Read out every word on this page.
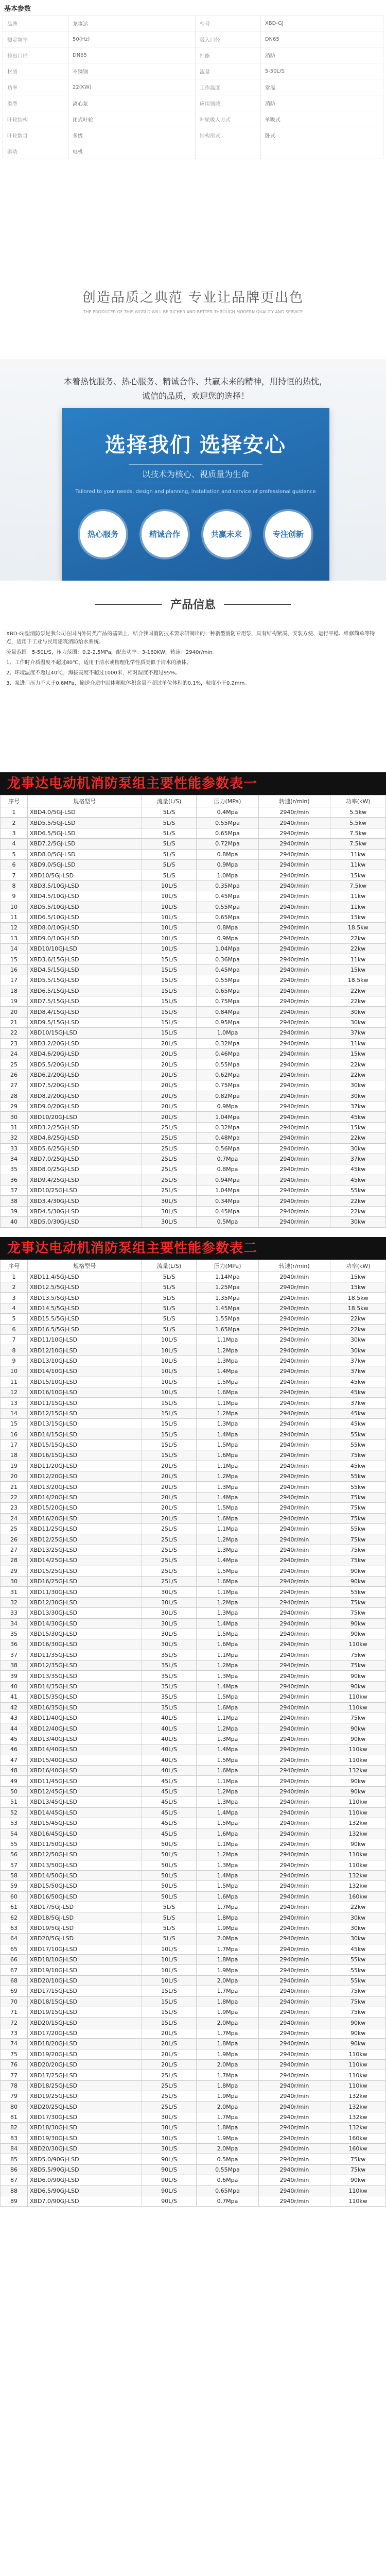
基本参数
品牌	龙事达	型号	XBD-GJ
額定频率	50(Hz)	吸入口径	DN65
排出口径	DN65	性能	消防
材质	不锈钢	流量	5-50L/S
功率	22(KW)	工作温度	常温
类型	离心泵	应用领域	消防
叶轮结构	闭式叶轮	叶轮吸入方式	单吸式
叶轮数目	多级	结构形式	卧式
驱动	电机		
创造品质之典范 专业让品牌更出色
THE PRODUCER OF THIS WORLD WILL BE RICHER AND BETTER THROUGH MODERN QUALITY AND SERVICE
本着热忱服务、热心服务、精诚合作、共赢未来的精神，用持恒的热忱，诚信的品质，欢迎您的选择！
选择我们 选择安心
以技术为核心、视质量为生命
Tailored to your needs, design and planning, installation and service of professional guidance
热心服务	精诚合作	共赢未来	专注创新
产品信息

XBD-GJ型消防泵是我公司在国内外同类产品的基础上，结合我国消防技术要求研制出的一种新型消防专用泵，具有结构紧凑、安装方便、运行平稳、维修简单等特点，适用于工业与民用建筑消防给水系统。

流量范围：5-50L/S，压力范围：0.2-2.5MPa，配套功率：3-160KW，转速：2940r/min。

1、工作时介质温度不超过80℃，适用于清水或物理化学性质类似于清水的液体。

2、环境温度不超过40℃，海拔高度不超过1000米，相对湿度不超过95%。

3、泵进口压力不大于0.6MPa，输送介质中固体颗粒体积含量不超过单位体积的0.1%，粒度小于0.2mm。

龙事达电动机消防泵组主要性能参数表一
序号	规格型号	流量(L/S)	压力(MPa)	转速(r/min)	功率(kW)
1	XBD4.0/5GJ-LSD	5L/S	0.4Mpa	2940r/min	5.5kw
2	XBD5.5/5GJ-LSD	5L/S	0.55Mpa	2940r/min	5.5kw
3	XBD6.5/5GJ-LSD	5L/S	0.65Mpa	2940r/min	7.5kw
4	XBD7.2/5GJ-LSD	5L/S	0.72Mpa	2940r/min	7.5kw
5	XBD8.0/5GJ-LSD	5L/S	0.8Mpa	2940r/min	11kw
6	XBD9.0/5GJ-LSD	5L/S	0.9Mpa	2940r/min	11kw
7	XBD10/5GJ-LSD	5L/S	1.0Mpa	2940r/min	15kw
8	XBD3.5/10GJ-LSD	10L/S	0.35Mpa	2940r/min	7.5kw
9	XBD4.5/10GJ-LSD	10L/S	0.45Mpa	2940r/min	11kw
10	XBD5.5/10GJ-LSD	10L/S	0.55Mpa	2940r/min	11kw
11	XBD6.5/10GJ-LSD	10L/S	0.65Mpa	2940r/min	15kw
12	XBD8.0/10GJ-LSD	10L/S	0.8Mpa	2940r/min	18.5kw
13	XBD9.0/10GJ-LSD	10L/S	0.9Mpa	2940r/min	22kw
14	XBD10/10GJ-LSD	10L/S	1.04Mpa	2940r/min	22kw
15	XBD3.6/15GJ-LSD	15L/S	0.36Mpa	2940r/min	11kw
16	XBD4.5/15GJ-LSD	15L/S	0.45Mpa	2940r/min	15kw
17	XBD5.5/15GJ-LSD	15L/S	0.55Mpa	2940r/min	18.5kw
18	XBD6.5/15GJ-LSD	15L/S	0.65Mpa	2940r/min	22kw
19	XBD7.5/15GJ-LSD	15L/S	0.75Mpa	2940r/min	22kw
20	XBD8.4/15GJ-LSD	15L/S	0.84Mpa	2940r/min	30kw
21	XBD9.5/15GJ-LSD	15L/S	0.95Mpa	2940r/min	30kw
22	XBD10/15GJ-LSD	15L/S	1.0Mpa	2940r/min	37kw
23	XBD3.2/20GJ-LSD	20L/S	0.32Mpa	2940r/min	11kw
24	XBD4.6/20GJ-LSD	20L/S	0.46Mpa	2940r/min	15kw
25	XBD5.5/20GJ-LSD	20L/S	0.55Mpa	2940r/min	22kw
26	XBD6.2/20GJ-LSD	20L/S	0.62Mpa	2940r/min	22kw
27	XBD7.5/20GJ-LSD	20L/S	0.75Mpa	2940r/min	30kw
28	XBD8.2/20GJ-LSD	20L/S	0.82Mpa	2940r/min	30kw
29	XBD9.0/20GJ-LSD	20L/S	0.9Mpa	2940r/min	37kw
30	XBD10/20GJ-LSD	20L/S	1.04Mpa	2940r/min	45kw
31	XBD3.2/25GJ-LSD	25L/S	0.32Mpa	2940r/min	15kw
32	XBD4.8/25GJ-LSD	25L/S	0.48Mpa	2940r/min	22kw
33	XBD5.6/25GJ-LSD	25L/S	0.56Mpa	2940r/min	30kw
34	XBD7.0/25GJ-LSD	25L/S	0.7Mpa	2940r/min	37kw
35	XBD8.0/25GJ-LSD	25L/S	0.8Mpa	2940r/min	45kw
36	XBD9.4/25GJ-LSD	25L/S	0.94Mpa	2940r/min	45kw
37	XBD10/25GJ-LSD	25L/S	1.04Mpa	2940r/min	55kw
38	XBD3.4/30GJ-LSD	30L/S	0.34Mpa	2940r/min	22kw
39	XBD4.5/30GJ-LSD	30L/S	0.45Mpa	2940r/min	22kw
40	XBD5.0/30GJ-LSD	30L/S	0.5Mpa	2940r/min	30kw
龙事达电动机消防泵组主要性能参数表二
序号	规格型号	流量(L/S)	压力(MPa)	转速(r/min)	功率(kW)
1	XBD11.4/5GJ-LSD	5L/S	1.14Mpa	2940r/min	15kw
2	XBD12.5/5GJ-LSD	5L/S	1.25Mpa	2940r/min	15kw
3	XBD13.5/5GJ-LSD	5L/S	1.35Mpa	2940r/min	18.5kw
4	XBD14.5/5GJ-LSD	5L/S	1.45Mpa	2940r/min	18.5kw
5	XBD15.5/5GJ-LSD	5L/S	1.55Mpa	2940r/min	22kw
6	XBD16.5/5GJ-LSD	5L/S	1.65Mpa	2940r/min	22kw
7	XBD11/10GJ-LSD	10L/S	1.1Mpa	2940r/min	30kw
8	XBD12/10GJ-LSD	10L/S	1.2Mpa	2940r/min	30kw
9	XBD13/10GJ-LSD	10L/S	1.3Mpa	2940r/min	37kw
10	XBD14/10GJ-LSD	10L/S	1.4Mpa	2940r/min	37kw
11	XBD15/10GJ-LSD	10L/S	1.5Mpa	2940r/min	45kw
12	XBD16/10GJ-LSD	10L/S	1.6Mpa	2940r/min	45kw
13	XBD11/15GJ-LSD	15L/S	1.1Mpa	2940r/min	37kw
14	XBD12/15GJ-LSD	15L/S	1.2Mpa	2940r/min	45kw
15	XBD13/15GJ-LSD	15L/S	1.3Mpa	2940r/min	45kw
16	XBD14/15GJ-LSD	15L/S	1.4Mpa	2940r/min	55kw
17	XBD15/15GJ-LSD	15L/S	1.5Mpa	2940r/min	55kw
18	XBD16/15GJ-LSD	15L/S	1.6Mpa	2940r/min	75kw
19	XBD11/20GJ-LSD	20L/S	1.1Mpa	2940r/min	45kw
20	XBD12/20GJ-LSD	20L/S	1.2Mpa	2940r/min	55kw
21	XBD13/20GJ-LSD	20L/S	1.3Mpa	2940r/min	55kw
22	XBD14/20GJ-LSD	20L/S	1.4Mpa	2940r/min	75kw
23	XBD15/20GJ-LSD	20L/S	1.5Mpa	2940r/min	75kw
24	XBD16/20GJ-LSD	20L/S	1.6Mpa	2940r/min	75kw
25	XBD11/25GJ-LSD	25L/S	1.1Mpa	2940r/min	55kw
26	XBD12/25GJ-LSD	25L/S	1.2Mpa	2940r/min	75kw
27	XBD13/25GJ-LSD	25L/S	1.3Mpa	2940r/min	75kw
28	XBD14/25GJ-LSD	25L/S	1.4Mpa	2940r/min	75kw
29	XBD15/25GJ-LSD	25L/S	1.5Mpa	2940r/min	90kw
30	XBD16/25GJ-LSD	25L/S	1.6Mpa	2940r/min	90kw
31	XBD11/30GJ-LSD	30L/S	1.1Mpa	2940r/min	55kw
32	XBD12/30GJ-LSD	30L/S	1.2Mpa	2940r/min	75kw
33	XBD13/30GJ-LSD	30L/S	1.3Mpa	2940r/min	75kw
34	XBD14/30GJ-LSD	30L/S	1.4Mpa	2940r/min	90kw
35	XBD15/30GJ-LSD	30L/S	1.5Mpa	2940r/min	90kw
36	XBD16/30GJ-LSD	30L/S	1.6Mpa	2940r/min	110kw
37	XBD11/35GJ-LSD	35L/S	1.1Mpa	2940r/min	75kw
38	XBD12/35GJ-LSD	35L/S	1.2Mpa	2940r/min	75kw
39	XBD13/35GJ-LSD	35L/S	1.3Mpa	2940r/min	90kw
40	XBD14/35GJ-LSD	35L/S	1.4Mpa	2940r/min	90kw
41	XBD15/35GJ-LSD	35L/S	1.5Mpa	2940r/min	110kw
42	XBD16/35GJ-LSD	35L/S	1.6Mpa	2940r/min	110kw
43	XBD11/40GJ-LSD	40L/S	1.1Mpa	2940r/min	75kw
44	XBD12/40GJ-LSD	40L/S	1.2Mpa	2940r/min	90kw
45	XBD13/40GJ-LSD	40L/S	1.3Mpa	2940r/min	90kw
46	XBD14/40GJ-LSD	40L/S	1.4Mpa	2940r/min	110kw
47	XBD15/40GJ-LSD	40L/S	1.5Mpa	2940r/min	110kw
48	XBD16/40GJ-LSD	40L/S	1.6Mpa	2940r/min	132kw
49	XBD11/45GJ-LSD	45L/S	1.1Mpa	2940r/min	90kw
50	XBD12/45GJ-LSD	45L/S	1.2Mpa	2940r/min	90kw
51	XBD13/45GJ-LSD	45L/S	1.3Mpa	2940r/min	110kw
52	XBD14/45GJ-LSD	45L/S	1.4Mpa	2940r/min	110kw
53	XBD15/45GJ-LSD	45L/S	1.5Mpa	2940r/min	132kw
54	XBD16/45GJ-LSD	45L/S	1.6Mpa	2940r/min	132kw
55	XBD11/50GJ-LSD	50L/S	1.1Mpa	2940r/min	90kw
56	XBD12/50GJ-LSD	50L/S	1.2Mpa	2940r/min	110kw
57	XBD13/50GJ-LSD	50L/S	1.3Mpa	2940r/min	110kw
58	XBD14/50GJ-LSD	50L/S	1.4Mpa	2940r/min	132kw
59	XBD15/50GJ-LSD	50L/S	1.5Mpa	2940r/min	132kw
60	XBD16/50GJ-LSD	50L/S	1.6Mpa	2940r/min	160kw
61	XBD17/5GJ-LSD	5L/S	1.7Mpa	2940r/min	22kw
62	XBD18/5GJ-LSD	5L/S	1.8Mpa	2940r/min	30kw
63	XBD19/5GJ-LSD	5L/S	1.9Mpa	2940r/min	30kw
64	XBD20/5GJ-LSD	5L/S	2.0Mpa	2940r/min	30kw
65	XBD17/10GJ-LSD	10L/S	1.7Mpa	2940r/min	45kw
66	XBD18/10GJ-LSD	10L/S	1.8Mpa	2940r/min	55kw
67	XBD19/10GJ-LSD	10L/S	1.9Mpa	2940r/min	55kw
68	XBD20/10GJ-LSD	10L/S	2.0Mpa	2940r/min	55kw
69	XBD17/15GJ-LSD	15L/S	1.7Mpa	2940r/min	75kw
70	XBD18/15GJ-LSD	15L/S	1.8Mpa	2940r/min	75kw
71	XBD19/15GJ-LSD	15L/S	1.9Mpa	2940r/min	75kw
72	XBD20/15GJ-LSD	15L/S	2.0Mpa	2940r/min	90kw
73	XBD17/20GJ-LSD	20L/S	1.7Mpa	2940r/min	90kw
74	XBD18/20GJ-LSD	20L/S	1.8Mpa	2940r/min	90kw
75	XBD19/20GJ-LSD	20L/S	1.9Mpa	2940r/min	110kw
76	XBD20/20GJ-LSD	20L/S	2.0Mpa	2940r/min	110kw
77	XBD17/25GJ-LSD	25L/S	1.7Mpa	2940r/min	110kw
78	XBD18/25GJ-LSD	25L/S	1.8Mpa	2940r/min	110kw
79	XBD19/25GJ-LSD	25L/S	1.9Mpa	2940r/min	132kw
80	XBD20/25GJ-LSD	25L/S	2.0Mpa	2940r/min	132kw
81	XBD17/30GJ-LSD	30L/S	1.7Mpa	2940r/min	132kw
82	XBD18/30GJ-LSD	30L/S	1.8Mpa	2940r/min	132kw
83	XBD19/30GJ-LSD	30L/S	1.9Mpa	2940r/min	160kw
84	XBD20/30GJ-LSD	30L/S	2.0Mpa	2940r/min	160kw
85	XBD5.0/90GJ-LSD	90L/S	0.5Mpa	2940r/min	75kw
86	XBD5.5/90GJ-LSD	90L/S	0.55Mpa	2940r/min	75kw
87	XBD6.0/90GJ-LSD	90L/S	0.6Mpa	2940r/min	90kw
88	XBD6.5/90GJ-LSD	90L/S	0.65Mpa	2940r/min	110kw
89	XBD7.0/90GJ-LSD	90L/S	0.7Mpa	2940r/min	110kw
